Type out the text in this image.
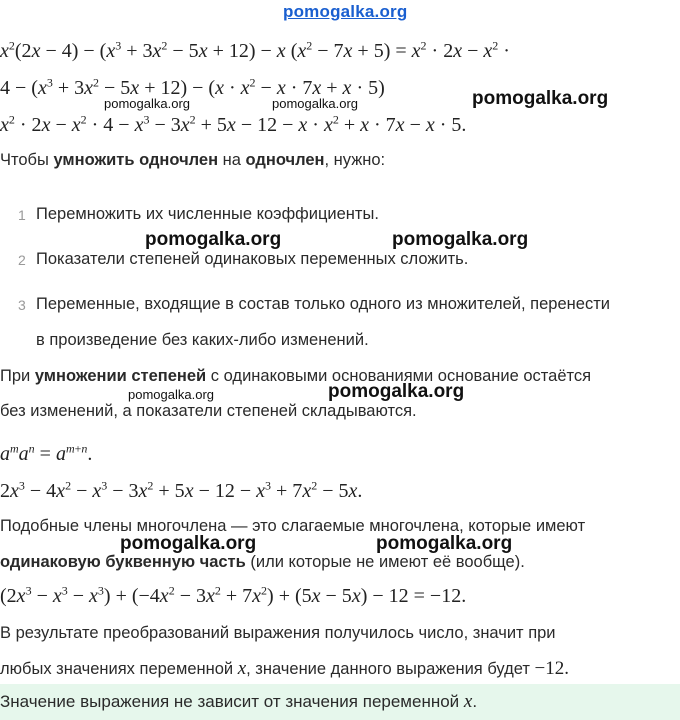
pomogalka.org
$x^2(2x - 4) - (x^3 + 3x^2 - 5x + 12) - x$ $(x^2 - 7x + 5) = x^2 \cdot 2x - x^2$ ·
$4 - (x^3 + 3x^2 - 5x + 12) - (x \cdot x^2 - x \cdot 7x + x \cdot 5)$
pomogalka.org	pomogalka.org	pomogalka.org
$x^2 \cdot 2x - x^2 \cdot 4 - x^3 - 3x^2 + 5x - 12 - x \cdot x^2 + x \cdot 7x - x \cdot 5$.
Чтобы умножить одночлен на одночлен, нужно:
1 Перемножить их численные коэффициенты.
pomogalka.org	pomogalka.org
2 Показатели степеней одинаковых переменных сложить.
3 Переменные, входящие в состав только одного из множителей, перенести
в произведение без каких-либо изменений.
При умножении степеней с одинаковыми основаниями основание остаётся
pomogalka.org
pomogalka.org
без изменений, а показатели степеней складываются.
$a^ma^n = a^{m+n}$.
$2x^3 - 4x^2 - x^3 - 3x^2 + 5x - 12 - x^3 + 7x^2 - 5x$.
Подобные члены многочлена — это слагаемые многочлена, которые имеют
pomogalka.org	pomogalka.org
одинаковую буквенную часть (или которые не имеют её вообще).
$(2x^3 - x^3 - x^3) + (-4x^2 - 3x^2 + 7x^2) + (5x - 5x) - 12 = -12$.
В результате преобразований выражения получилось число, значит при
любых значениях переменной x, значение данного выражения будет −12.
Значение выражения не зависит от значения переменной x.
